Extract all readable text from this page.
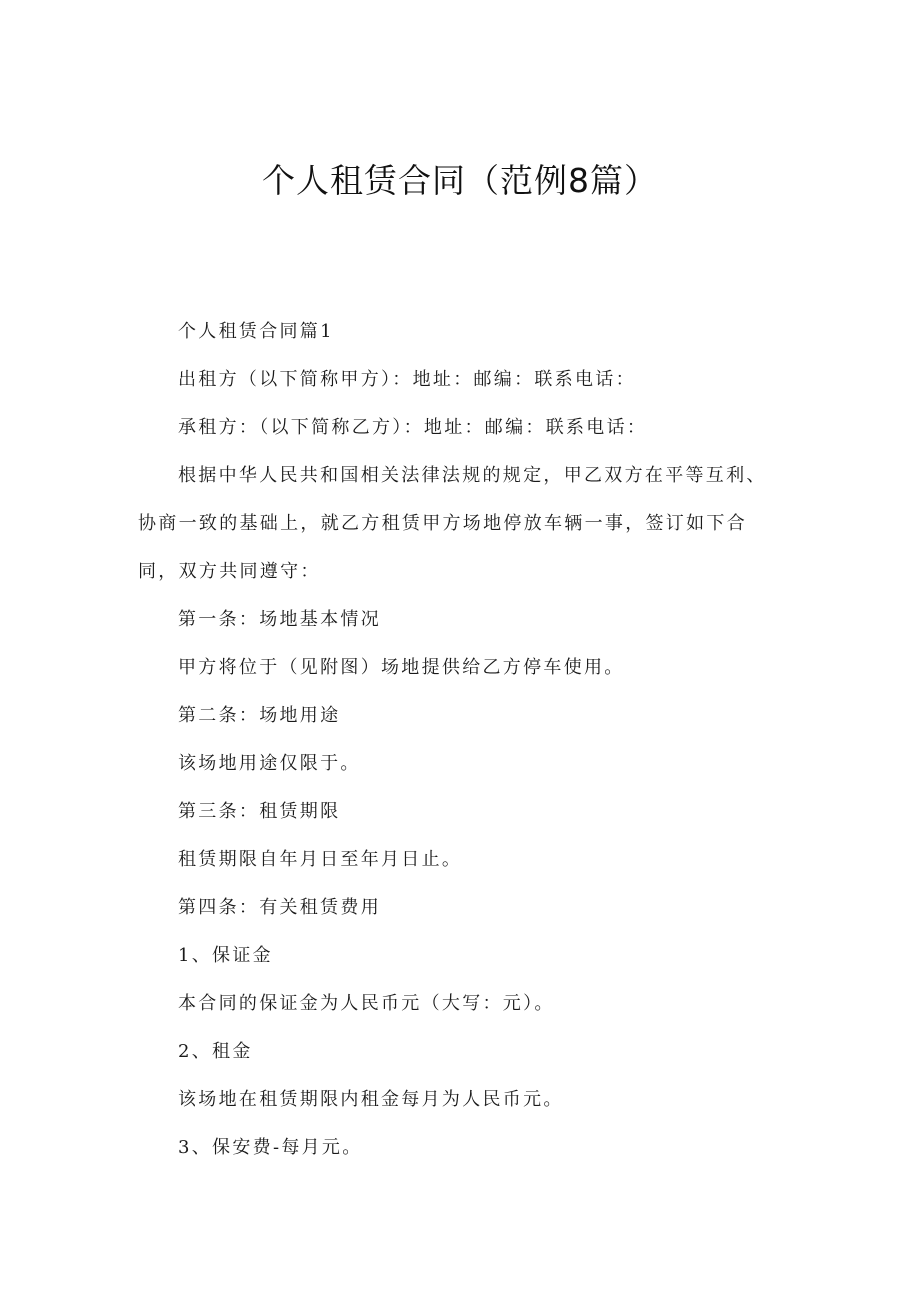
个人租赁合同（范例8篇）

个人租赁合同篇1

出租方（以下简称甲方）：地址：邮编：联系电话：

承租方：（以下简称乙方）：地址：邮编：联系电话：

根据中华人民共和国相关法律法规的规定，甲乙双方在平等互利、协商一致的基础上，就乙方租赁甲方场地停放车辆一事，签订如下合同，双方共同遵守：

第一条：场地基本情况

甲方将位于（见附图）场地提供给乙方停车使用。

第二条：场地用途

该场地用途仅限于。

第三条：租赁期限

租赁期限自年月日至年月日止。

第四条：有关租赁费用

1、保证金

本合同的保证金为人民币元（大写：元）。

2、租金

该场地在租赁期限内租金每月为人民币元。

3、保安费-每月元。
